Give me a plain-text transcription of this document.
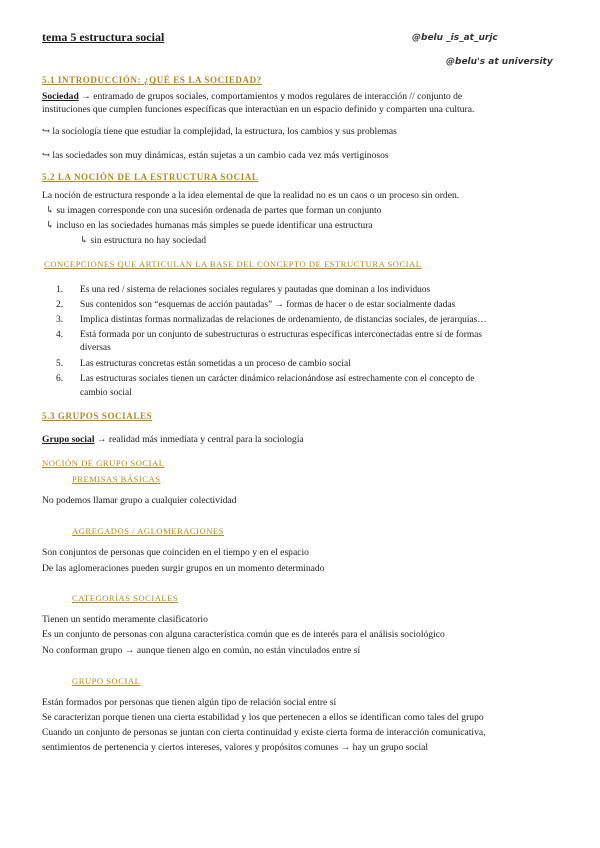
tema 5 estructura social	@belu _is_at_urjc
@belu's at university
5.1 INTRODUCCIÓN: ¿QUÉ ES LA SOCIEDAD?
Sociedad → entramado de grupos sociales, comportamientos y modos regulares de interacción // conjunto de
instituciones que cumplen funciones específicas que interactúan en un espacio definido y comparten una cultura.
↪ la sociología tiene que estudiar la complejidad, la estructura, los cambios y sus problemas
↪ las sociedades son muy dinámicas, están sujetas a un cambio cada vez más vertiginosos
5.2 LA NOCIÓN DE LA ESTRUCTURA SOCIAL
La noción de estructura responde a la idea elemental de que la realidad no es un caos o un proceso sin orden.
↳ su imagen corresponde con una sucesión ordenada de partes que forman un conjunto
↳ incluso en las sociedades humanas más simples se puede identificar una estructura
↳ sin estructura no hay sociedad
CONCEPCIONES QUE ARTICULAN LA BASE DEL CONCEPTO DE ESTRUCTURA SOCIAL
1. Es una red / sistema de relaciones sociales regulares y pautadas que dominan a los individuos
2. Sus contenidos son “esquemas de acción pautadas” → formas de hacer o de estar socialmente dadas
3. Implica distintas formas normalizadas de relaciones de ordenamiento, de distancias sociales, de jerarquías…
4. Está formada por un conjunto de subestructuras o estructuras específicas interconectadas entre sí de formas
diversas
5. Las estructuras concretas están sometidas a un proceso de cambio social
6. Las estructuras sociales tienen un carácter dinámico relacionándose así estrechamente con el concepto de
cambio social
5.3 GRUPOS SOCIALES
Grupo social → realidad más inmediata y central para la sociología
NOCIÓN DE GRUPO SOCIAL
PREMISAS BÁSICAS
No podemos llamar grupo a cualquier colectividad
AGREGADOS / AGLOMERACIONES
Son conjuntos de personas que coinciden en el tiempo y en el espacio
De las aglomeraciones pueden surgir grupos en un momento determinado
CATEGORÍAS SOCIALES
Tienen un sentido meramente clasificatorio
Es un conjunto de personas con alguna característica común que es de interés para el análisis sociológico
No conforman grupo → aunque tienen algo en común, no están vinculados entre sí
GRUPO SOCIAL
Están formados por personas que tienen algún tipo de relación social entre sí
Se caracterizan porque tienen una cierta estabilidad y los que pertenecen a ellos se identifican como tales del grupo
Cuando un conjunto de personas se juntan con cierta continuidad y existe cierta forma de interacción comunicativa,
sentimientos de pertenencia y ciertos intereses, valores y propósitos comunes → hay un grupo social
